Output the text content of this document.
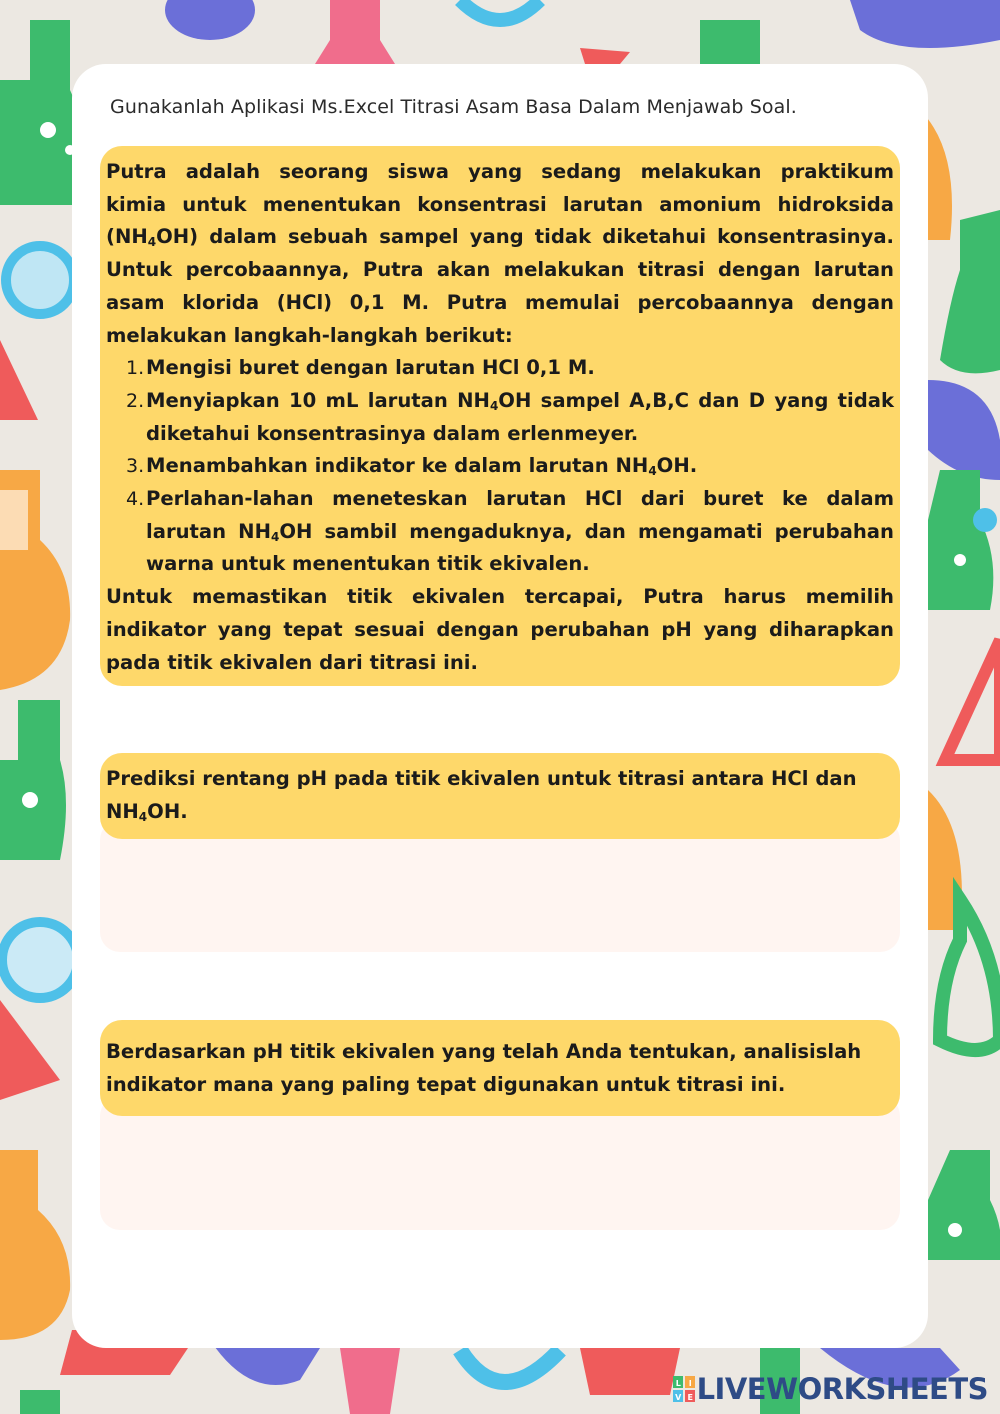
Gunakanlah Aplikasi Ms.Excel Titrasi Asam Basa Dalam Menjawab Soal.

Putra adalah seorang siswa yang sedang melakukan praktikum

kimia untuk menentukan konsentrasi larutan amonium hidroksida

$(NH_4OH)$ dalam sebuah sampel yang tidak diketahui konsentrasinya.

Untuk percobaannya, Putra akan melakukan titrasi dengan larutan

asam klorida (HCl) 0,1 M. Putra memulai percobaannya dengan

melakukan langkah-langkah berikut:

1. Mengisi buret dengan larutan HCl 0,1 M.
2. Menyiapkan 10 mL larutan $NH_4OH$ sampel A,B,C dan D yang tidak
diketahui konsentrasinya dalam erlenmeyer.
3. Menambahkan indikator ke dalam larutan $NH_4OH$.
4. Perlahan-lahan meneteskan larutan HCl dari buret ke dalam
larutan $NH_4OH$ sambil mengaduknya, dan mengamati perubahan
warna untuk menentukan titik ekivalen.

Untuk memastikan titik ekivalen tercapai, Putra harus memilih

indikator yang tepat sesuai dengan perubahan pH yang diharapkan

pada titik ekivalen dari titrasi ini.

Prediksi rentang pH pada titik ekivalen untuk titrasi antara HCl dan

$NH_4OH$.

Berdasarkan pH titik ekivalen yang telah Anda tentukan, analisislah

indikator mana yang paling tepat digunakan untuk titrasi ini.

L I
V E LIVEWORKSHEETS
